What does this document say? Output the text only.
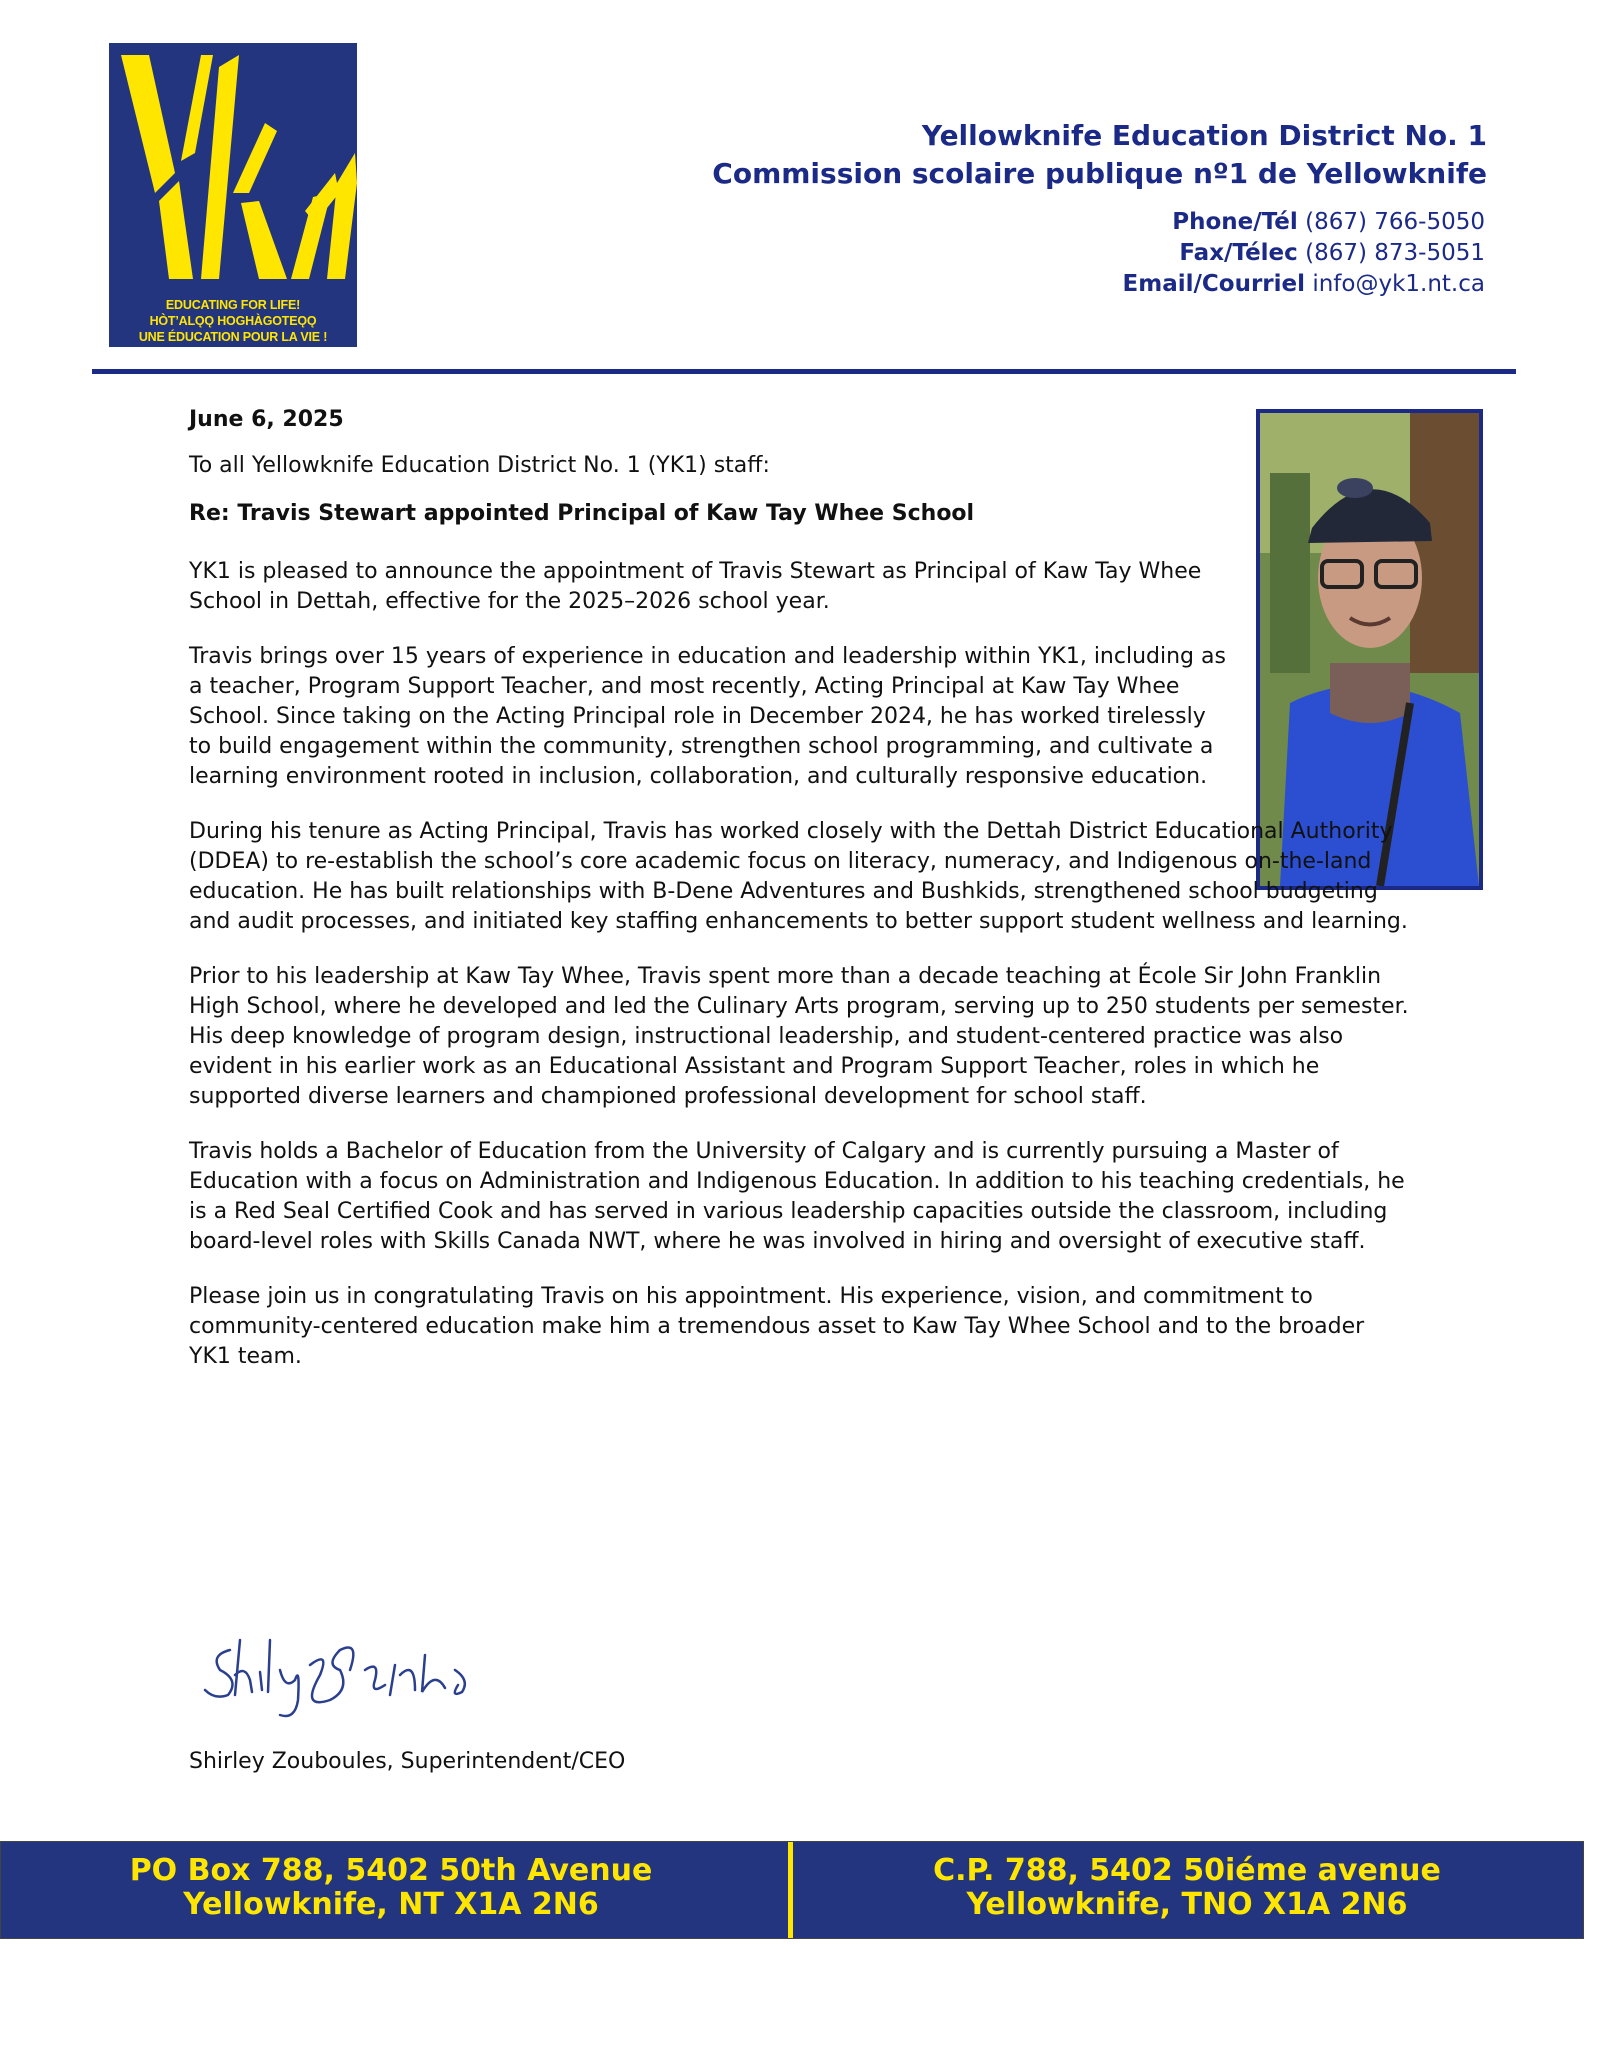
EDUCATING FOR LIFE!
HÒT’ALǪǪ HOGHÀGOTEǪǪ
UNE ÉDUCATION POUR LA VIE !
Yellowknife Education District No. 1
Commission scolaire publique nº1 de Yellowknife
Phone/Tél (867) 766-5050
Fax/Télec (867) 873-5051
Email/Courriel info@yk1.nt.ca

June 6, 2025

To all Yellowknife Education District No. 1 (YK1) staff:

Re: Travis Stewart appointed Principal of Kaw Tay Whee School

YK1 is pleased to announce the appointment of Travis Stewart as Principal of Kaw Tay Whee School in Dettah, effective for the 2025–2026 school year.

Travis brings over 15 years of experience in education and leadership within YK1, including as a teacher, Program Support Teacher, and most recently, Acting Principal at Kaw Tay Whee School. Since taking on the Acting Principal role in December 2024, he has worked tirelessly to build engagement within the community, strengthen school programming, and cultivate a learning environment rooted in inclusion, collaboration, and culturally responsive education.

During his tenure as Acting Principal, Travis has worked closely with the Dettah District Educational Authority (DDEA) to re-establish the school’s core academic focus on literacy, numeracy, and Indigenous on-the-land education. He has built relationships with B-Dene Adventures and Bushkids, strengthened school budgeting and audit processes, and initiated key staffing enhancements to better support student wellness and learning.

Prior to his leadership at Kaw Tay Whee, Travis spent more than a decade teaching at École Sir John Franklin High School, where he developed and led the Culinary Arts program, serving up to 250 students per semester. His deep knowledge of program design, instructional leadership, and student-centered practice was also evident in his earlier work as an Educational Assistant and Program Support Teacher, roles in which he supported diverse learners and championed professional development for school staff.

Travis holds a Bachelor of Education from the University of Calgary and is currently pursuing a Master of Education with a focus on Administration and Indigenous Education. In addition to his teaching credentials, he is a Red Seal Certified Cook and has served in various leadership capacities outside the classroom, including board-level roles with Skills Canada NWT, where he was involved in hiring and oversight of executive staff.

Please join us in congratulating Travis on his appointment. His experience, vision, and commitment to community-centered education make him a tremendous asset to Kaw Tay Whee School and to the broader YK1 team.

Shirley Zouboules, Superintendent/CEO
PO Box 788, 5402 50th Avenue
Yellowknife, NT X1A 2N6
C.P. 788, 5402 50iéme avenue
Yellowknife, TNO X1A 2N6
